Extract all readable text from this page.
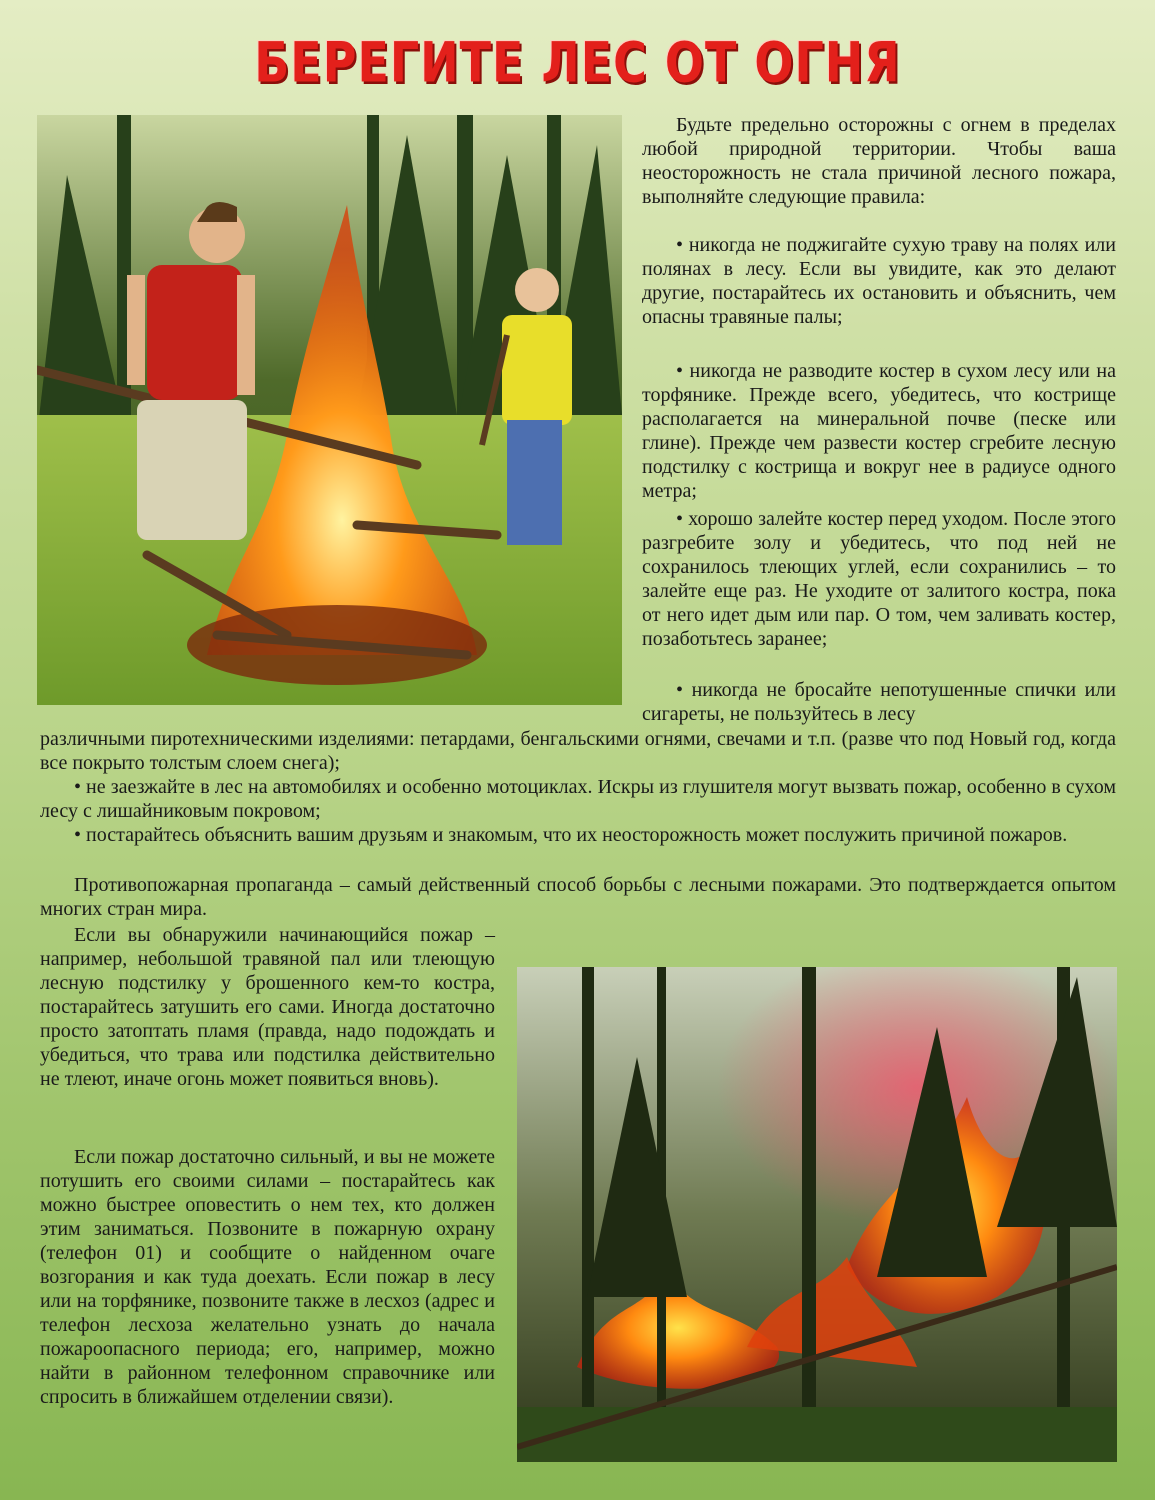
БЕРЕГИТЕ ЛЕС ОТ ОГНЯ

Будьте предельно осторожны с огнем в пределах любой природной территории. Чтобы ваша неосторожность не стала причиной лесного пожара, выполняйте следующие правила:

• никогда не поджигайте сухую траву на полях или полянах в лесу. Если вы увидите, как это делают другие, постарайтесь их остановить и объяснить, чем опасны травяные палы;

• никогда не разводите костер в сухом лесу или на торфянике. Прежде всего, убедитесь, что кострище располагается на минеральной почве (песке или глине). Прежде чем развести костер сгребите лесную подстилку с кострища и вокруг нее в радиусе одного метра;

• хорошо залейте костер перед уходом. После этого разгребите золу и убедитесь, что под ней не сохранилось тлеющих углей, если сохранились – то залейте еще раз. Не уходите от залитого костра, пока от него идет дым или пар. О том, чем заливать костер, позаботьтесь заранее;

• никогда не бросайте непотушенные спички или сигареты, не пользуйтесь в лесу

различными пиротехническими изделиями: петардами, бенгальскими огнями, свечами и т.п. (разве что под Новый год, когда все покрыто толстым слоем снега);

• не заезжайте в лес на автомобилях и особенно мотоциклах. Искры из глушителя могут вызвать пожар, особенно в сухом лесу с лишайниковым покровом;

• постарайтесь объяснить вашим друзьям и знакомым, что их неосторожность может послужить причиной пожаров.

Противопожарная пропаганда – самый действенный способ борьбы с лесными пожарами. Это подтверждается опытом многих стран мира.

Если вы обнаружили начинающийся пожар – например, небольшой травяной пал или тлеющую лесную подстилку у брошенного кем-то костра, постарайтесь затушить его сами. Иногда достаточно просто затоптать пламя (правда, надо подождать и убедиться, что трава или подстилка действительно не тлеют, иначе огонь может появиться вновь).

Если пожар достаточно сильный, и вы не можете потушить его своими силами – постарайтесь как можно быстрее оповестить о нем тех, кто должен этим заниматься. Позвоните в пожарную охрану (телефон 01) и сообщите о найденном очаге возгорания и как туда доехать. Если пожар в лесу или на торфянике, позвоните также в лесхоз (адрес и телефон лесхоза желательно узнать до начала пожароопасного периода; его, например, можно найти в районном телефонном справочнике или спросить в ближайшем отделении связи).
